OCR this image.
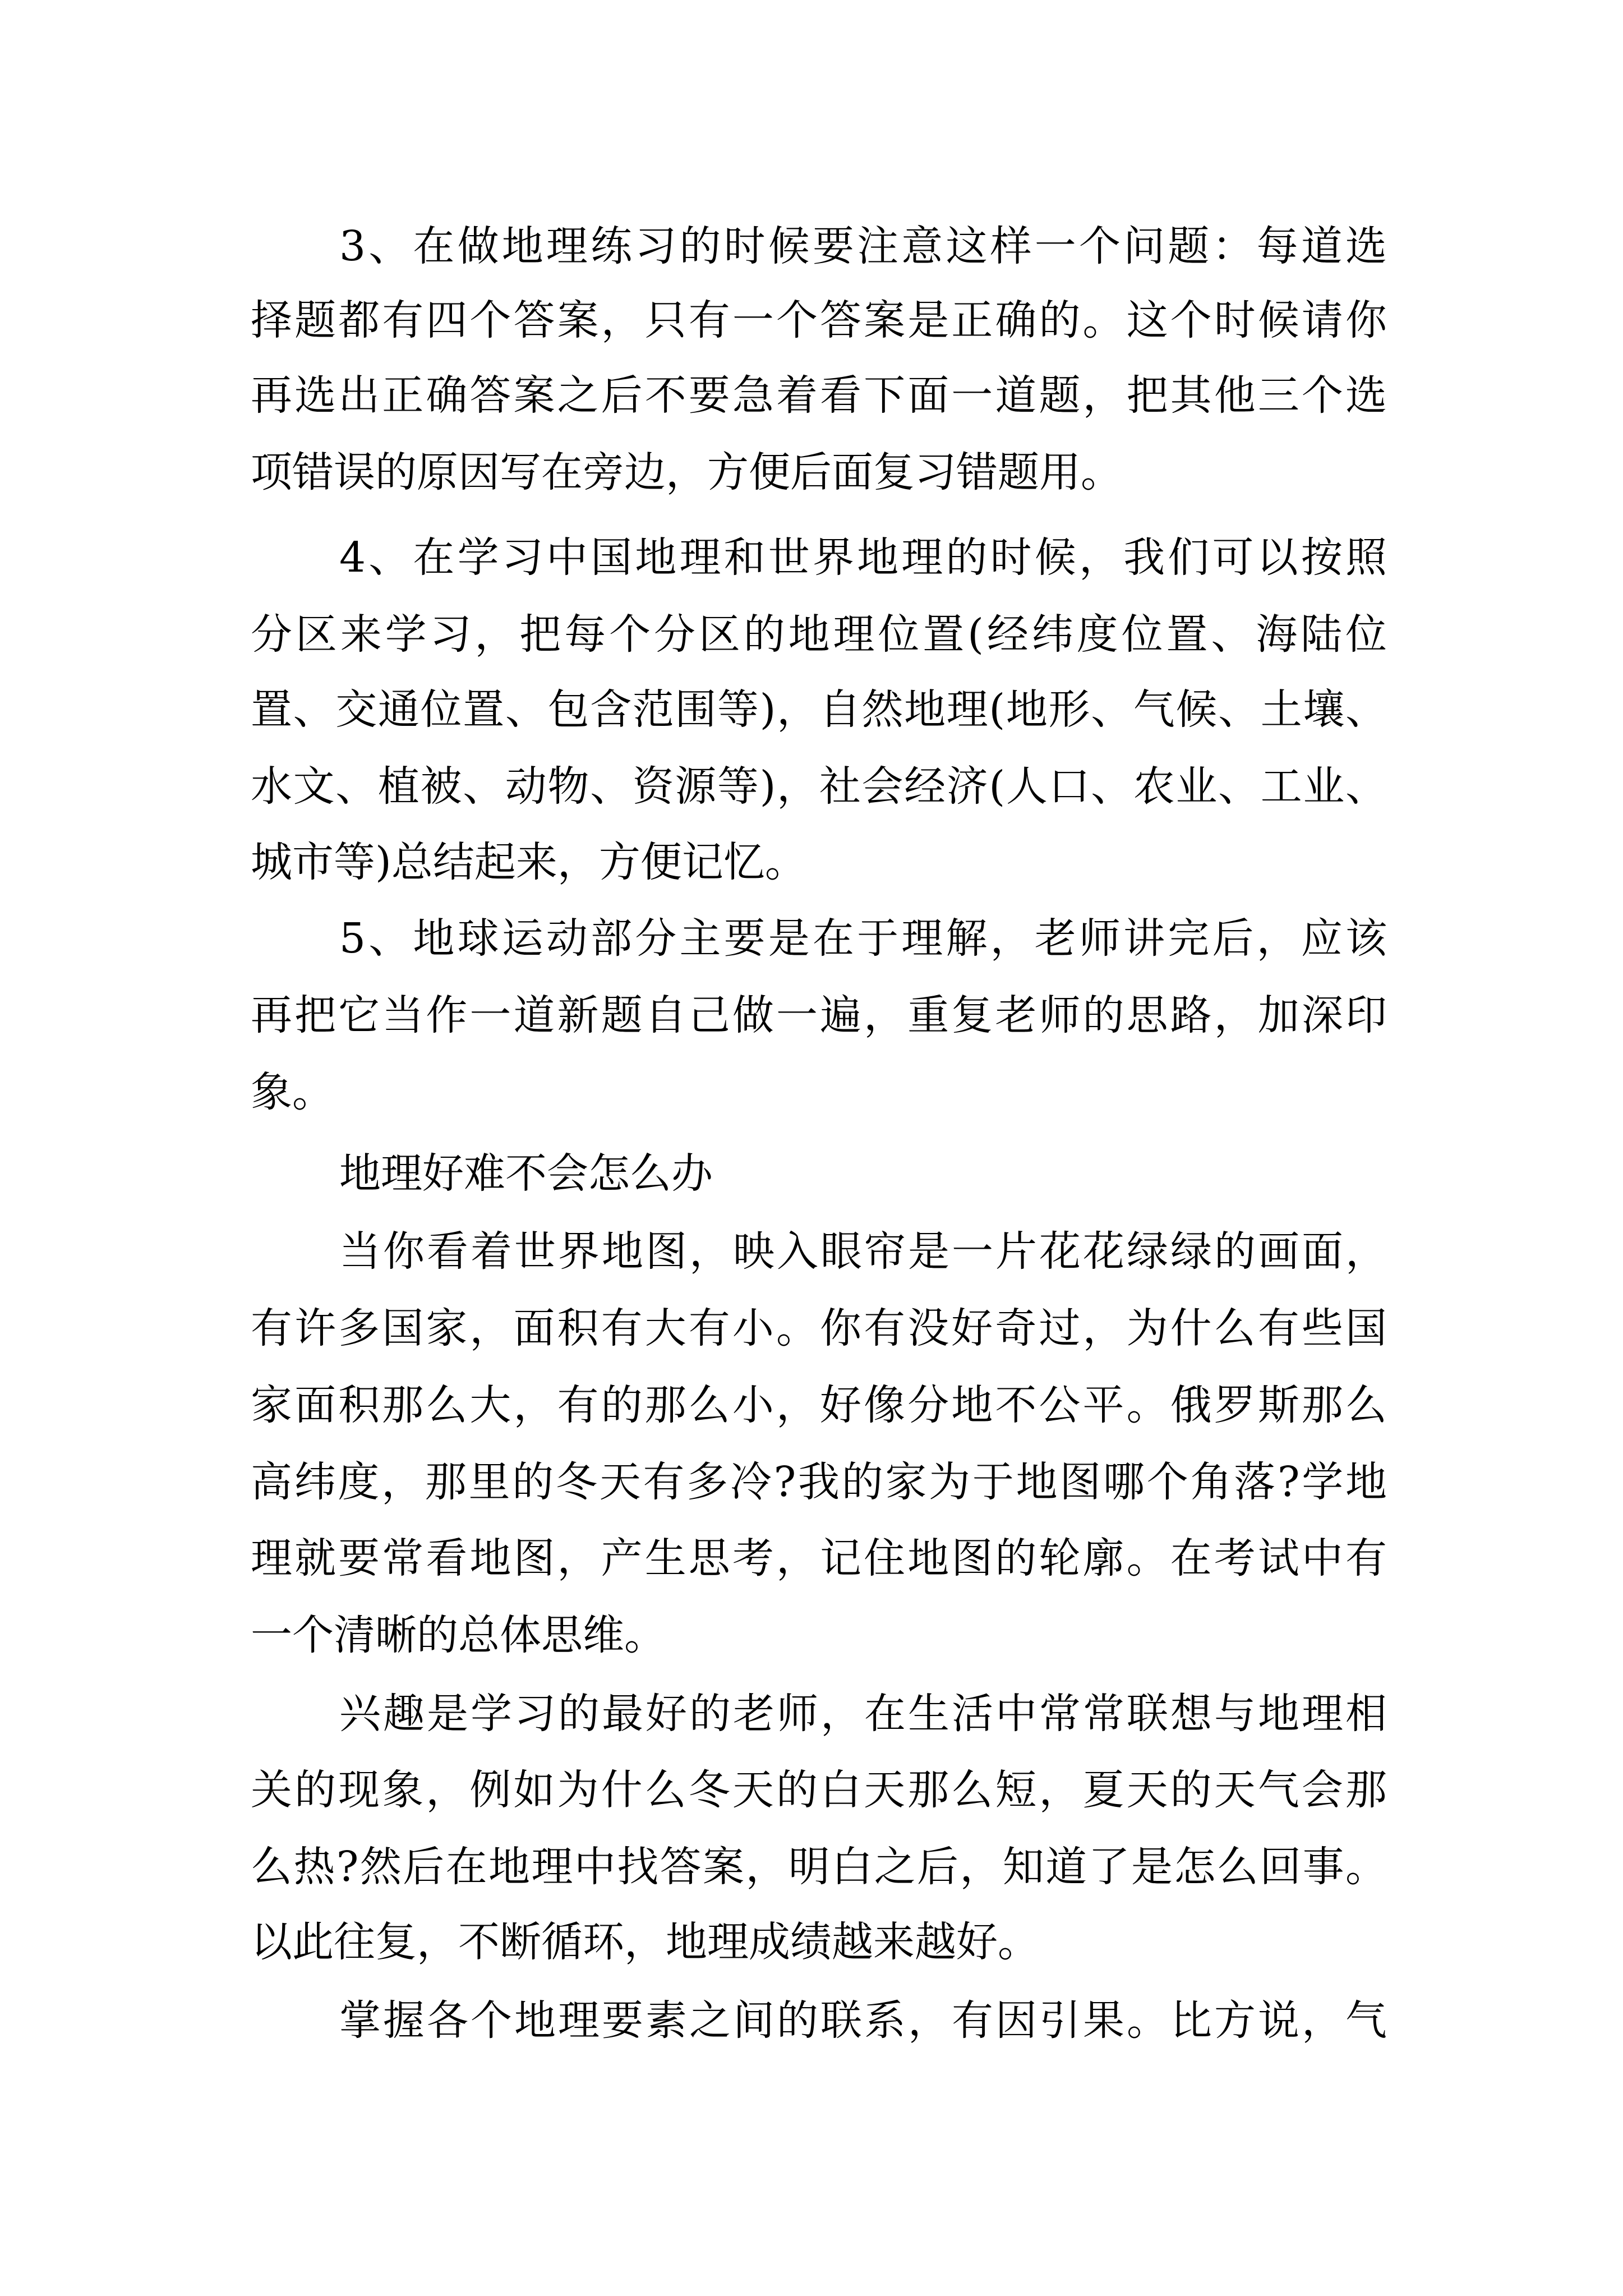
3、在做地理练习的时候要注意这样一个问题：每道选

择题都有四个答案，只有一个答案是正确的。这个时候请你

再选出正确答案之后不要急着看下面一道题，把其他三个选

项错误的原因写在旁边，方便后面复习错题用。

4、在学习中国地理和世界地理的时候，我们可以按照

分区来学习，把每个分区的地理位置(经纬度位置、海陆位

置、交通位置、包含范围等)，自然地理(地形、气候、土壤、

水文、植被、动物、资源等)，社会经济(人口、农业、工业、

城市等)总结起来，方便记忆。

5、地球运动部分主要是在于理解，老师讲完后，应该

再把它当作一道新题自己做一遍，重复老师的思路，加深印

象。

地理好难不会怎么办

当你看着世界地图，映入眼帘是一片花花绿绿的画面，

有许多国家，面积有大有小。你有没好奇过，为什么有些国

家面积那么大，有的那么小，好像分地不公平。俄罗斯那么

高纬度，那里的冬天有多冷?我的家为于地图哪个角落?学地

理就要常看地图，产生思考，记住地图的轮廓。在考试中有

一个清晰的总体思维。

兴趣是学习的最好的老师，在生活中常常联想与地理相

关的现象，例如为什么冬天的白天那么短，夏天的天气会那

么热?然后在地理中找答案，明白之后，知道了是怎么回事。

以此往复，不断循环，地理成绩越来越好。

掌握各个地理要素之间的联系，有因引果。比方说，气
